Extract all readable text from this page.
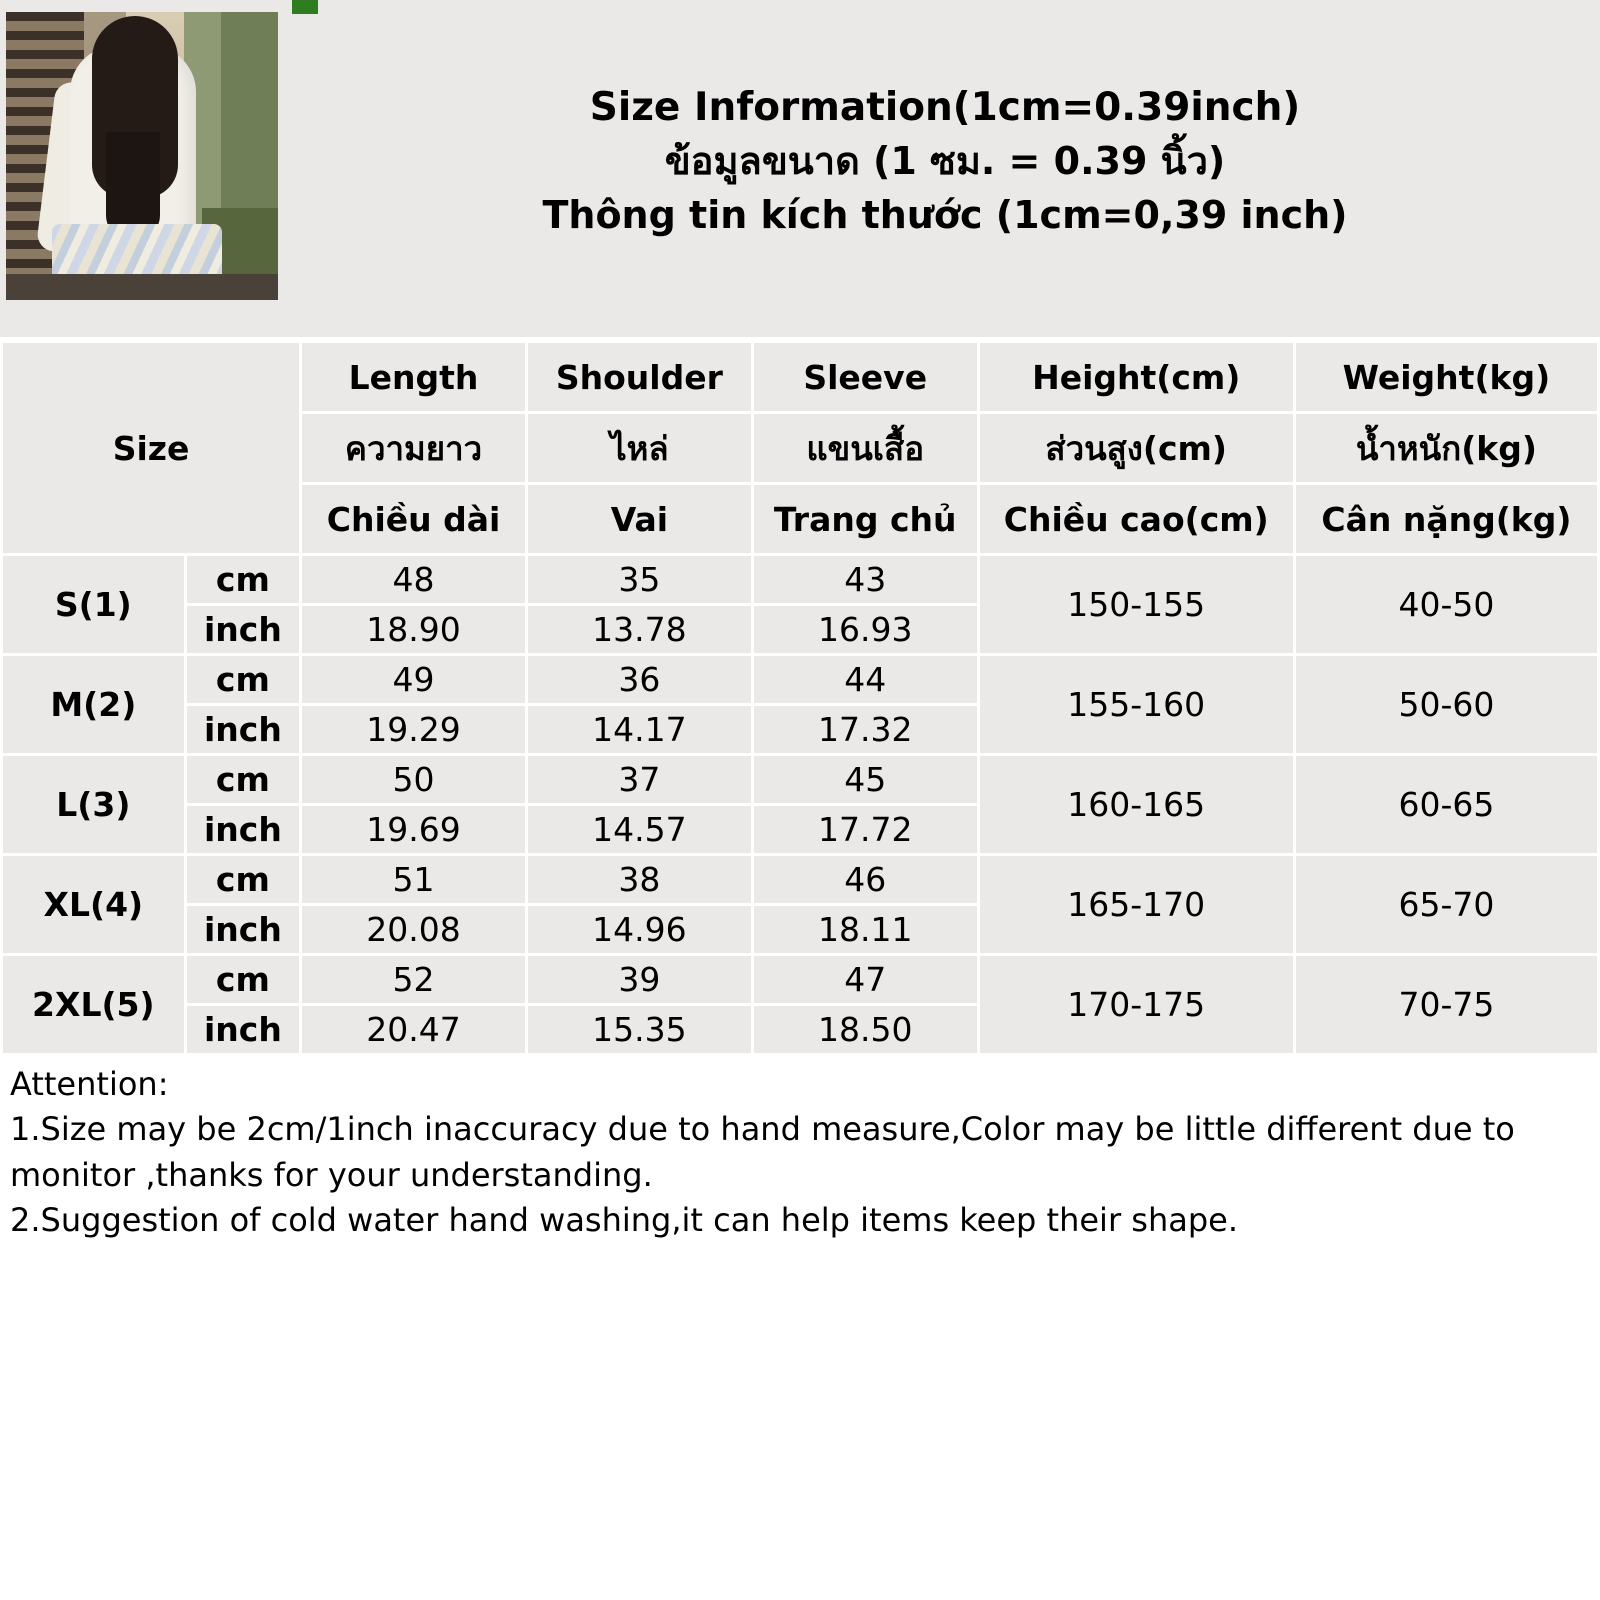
Size Information(1cm=0.39inch)
ข้อมูลขนาด (1 ซม. = 0.39 นิ้ว)
Thông tin kích thước (1cm=0,39 inch)
Size		Length	Shoulder	Sleeve	Height(cm)	Weight(kg)
		ความยาว	ไหล่	แขนเสื้อ	ส่วนสูง(cm)	น้ำหนัก(kg)
		Chiều dài	Vai	Trang chủ	Chiều cao(cm)	Cân nặng(kg)
S(1)	cm	48	35	43	150-155	40-50
	inch	18.90	13.78	16.93		
M(2)	cm	49	36	44	155-160	50-60
	inch	19.29	14.17	17.32		
L(3)	cm	50	37	45	160-165	60-65
	inch	19.69	14.57	17.72		
XL(4)	cm	51	38	46	165-170	65-70
	inch	20.08	14.96	18.11		
2XL(5)	cm	52	39	47	170-175	70-75
	inch	20.47	15.35	18.50		
Attention:
1.Size may be 2cm/1inch inaccuracy due to hand measure,Color may be little different due to monitor ,thanks for your understanding.
2.Suggestion of cold water hand washing,it can help items keep their shape.
